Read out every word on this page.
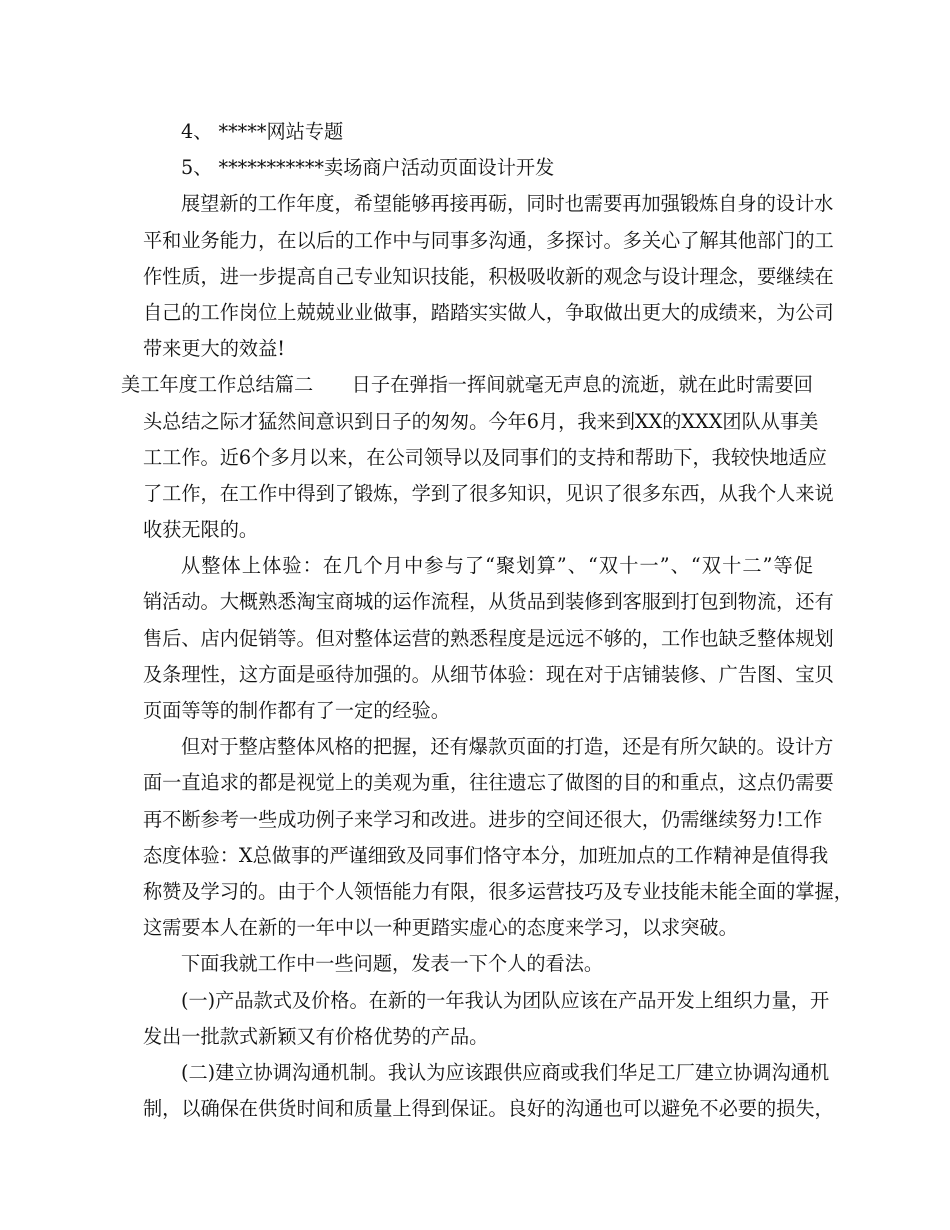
4、 *****网站专题
5、 ***********卖场商户活动页面设计开发
展望新的工作年度，希望能够再接再砺，同时也需要再加强锻炼自身的设计水
平和业务能力，在以后的工作中与同事多沟通，多探讨。多关心了解其他部门的工
作性质，进一步提高自己专业知识技能，积极吸收新的观念与设计理念，要继续在
自己的工作岗位上兢兢业业做事，踏踏实实做人，争取做出更大的成绩来，为公司
带来更大的效益!
美工年度工作总结篇二　　日子在弹指一挥间就毫无声息的流逝，就在此时需要回
头总结之际才猛然间意识到日子的匆匆。今年6月，我来到XX的XXX团队从事美
工工作。近6个多月以来，在公司领导以及同事们的支持和帮助下，我较快地适应
了工作，在工作中得到了锻炼，学到了很多知识，见识了很多东西，从我个人来说
收获无限的。
从整体上体验：在几个月中参与了“聚划算”、“双十一”、“双十二”等促
销活动。大概熟悉淘宝商城的运作流程，从货品到装修到客服到打包到物流，还有
售后、店内促销等。但对整体运营的熟悉程度是远远不够的，工作也缺乏整体规划
及条理性，这方面是亟待加强的。从细节体验：现在对于店铺装修、广告图、宝贝
页面等等的制作都有了一定的经验。
但对于整店整体风格的把握，还有爆款页面的打造，还是有所欠缺的。设计方
面一直追求的都是视觉上的美观为重，往往遗忘了做图的目的和重点，这点仍需要
再不断参考一些成功例子来学习和改进。进步的空间还很大，仍需继续努力!工作
态度体验：X总做事的严谨细致及同事们恪守本分，加班加点的工作精神是值得我
称赞及学习的。由于个人领悟能力有限，很多运营技巧及专业技能未能全面的掌握，
这需要本人在新的一年中以一种更踏实虚心的态度来学习，以求突破。
下面我就工作中一些问题，发表一下个人的看法。
(一)产品款式及价格。在新的一年我认为团队应该在产品开发上组织力量，开
发出一批款式新颖又有价格优势的产品。
(二)建立协调沟通机制。我认为应该跟供应商或我们华足工厂建立协调沟通机
制，以确保在供货时间和质量上得到保证。良好的沟通也可以避免不必要的损失，
